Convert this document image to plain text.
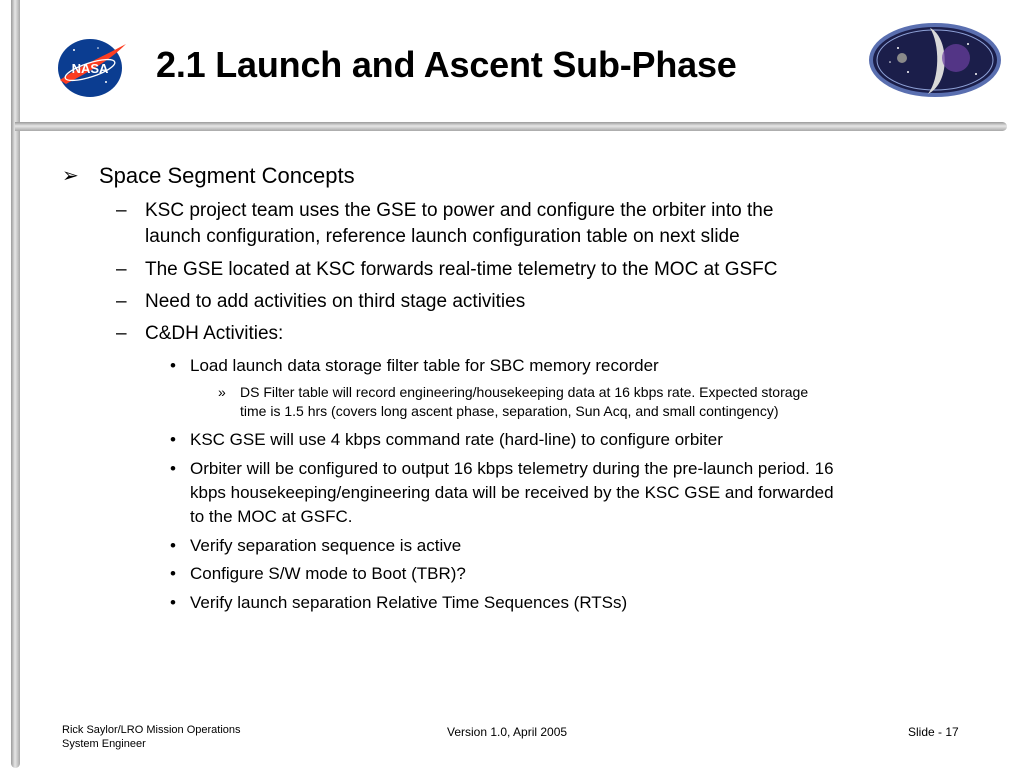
NASA 2.1 Launch and Ascent Sub-Phase
➢ Space Segment Concepts
– KSC project team uses the GSE to power and configure the orbiter into the
launch configuration, reference launch configuration table on next slide
– The GSE located at KSC forwards real-time telemetry to the MOC at GSFC
– Need to add activities on third stage activities
– C&DH Activities:
• Load launch data storage filter table for SBC memory recorder
» DS Filter table will record engineering/housekeeping data at 16 kbps rate. Expected storage
time is 1.5 hrs (covers long ascent phase, separation, Sun Acq, and small contingency)
• KSC GSE will use 4 kbps command rate (hard-line) to configure orbiter
• Orbiter will be configured to output 16 kbps telemetry during the pre-launch period. 16
kbps housekeeping/engineering data will be received by the KSC GSE and forwarded
to the MOC at GSFC.
• Verify separation sequence is active
• Configure S/W mode to Boot (TBR)?
• Verify launch separation Relative Time Sequences (RTSs)
Rick Saylor/LRO Mission Operations
System Engineer
Version 1.0, April 2005	Slide - 17
